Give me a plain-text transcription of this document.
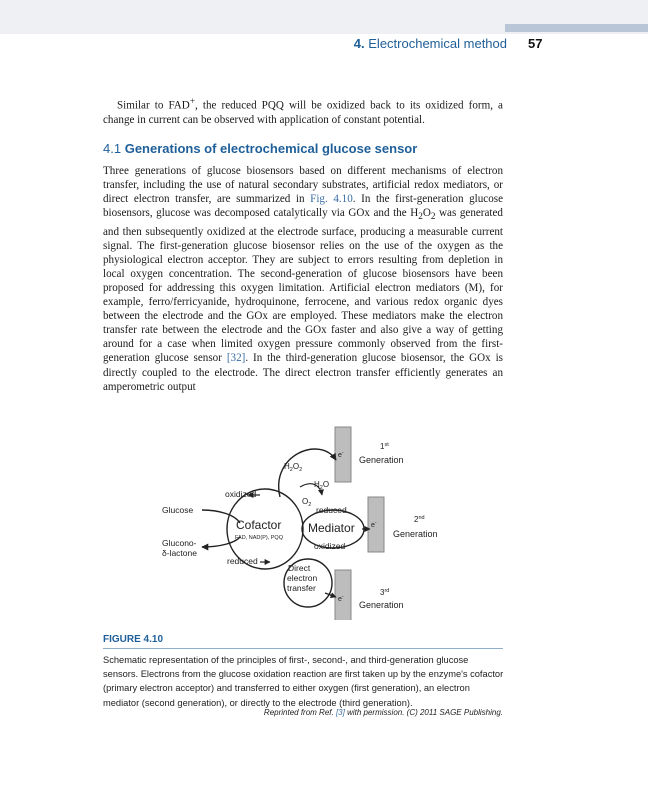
4. Electrochemical method 57
Similar to FAD+, the reduced PQQ will be oxidized back to its oxidized form, a change in current can be observed with application of constant potential.
4.1 Generations of electrochemical glucose sensor
Three generations of glucose biosensors based on different mechanisms of electron transfer, including the use of natural secondary substrates, artificial redox mediators, or direct electron transfer, are summarized in Fig. 4.10. In the first-generation glucose biosensors, glucose was decomposed catalytically via GOx and the $H_2O_2$ was generated and then subsequently oxidized at the electrode surface, producing a measurable current signal. The first-generation glucose biosensor relies on the use of the oxygen as the physiological electron acceptor. They are subject to errors resulting from depletion in local oxygen concentration. The second-generation of glucose biosensors have been proposed for addressing this oxygen limitation. Artificial electron mediators (M), for example, ferro/ferricyanide, hydroquinone, ferrocene, and various redox organic dyes between the electrode and the GOx are employed. These mediators make the electron transfer rate between the electrode and the GOx faster and also give a way of getting around for a case when limited oxygen pressure commonly observed from the first-generation glucose sensor [32]. In the third-generation glucose biosensor, the GOx is directly coupled to the electrode. The direct electron transfer efficiently generates an amperometric output
Glucose
Glucono-
δ-lactone
oxidized
reduced
Cofactor
FAD, NAD(P), PQQ
$H_2O_2$
$H_2O$
$O_2$ reduced
Mediator
oxidized
Direct
electron
transfer
e-
e-
e-
1st
Generation
2nd
Generation
3rd
Generation
FIGURE 4.10
Schematic representation of the principles of first-, second-, and third-generation glucose sensors. Electrons from the glucose oxidation reaction are first taken up by the enzyme's cofactor (primary electron acceptor) and transferred to either oxygen (first generation), an electron mediator (second generation), or directly to the electrode (third generation).
Reprinted from Ref. [3] with permission. (C) 2011 SAGE Publishing.
